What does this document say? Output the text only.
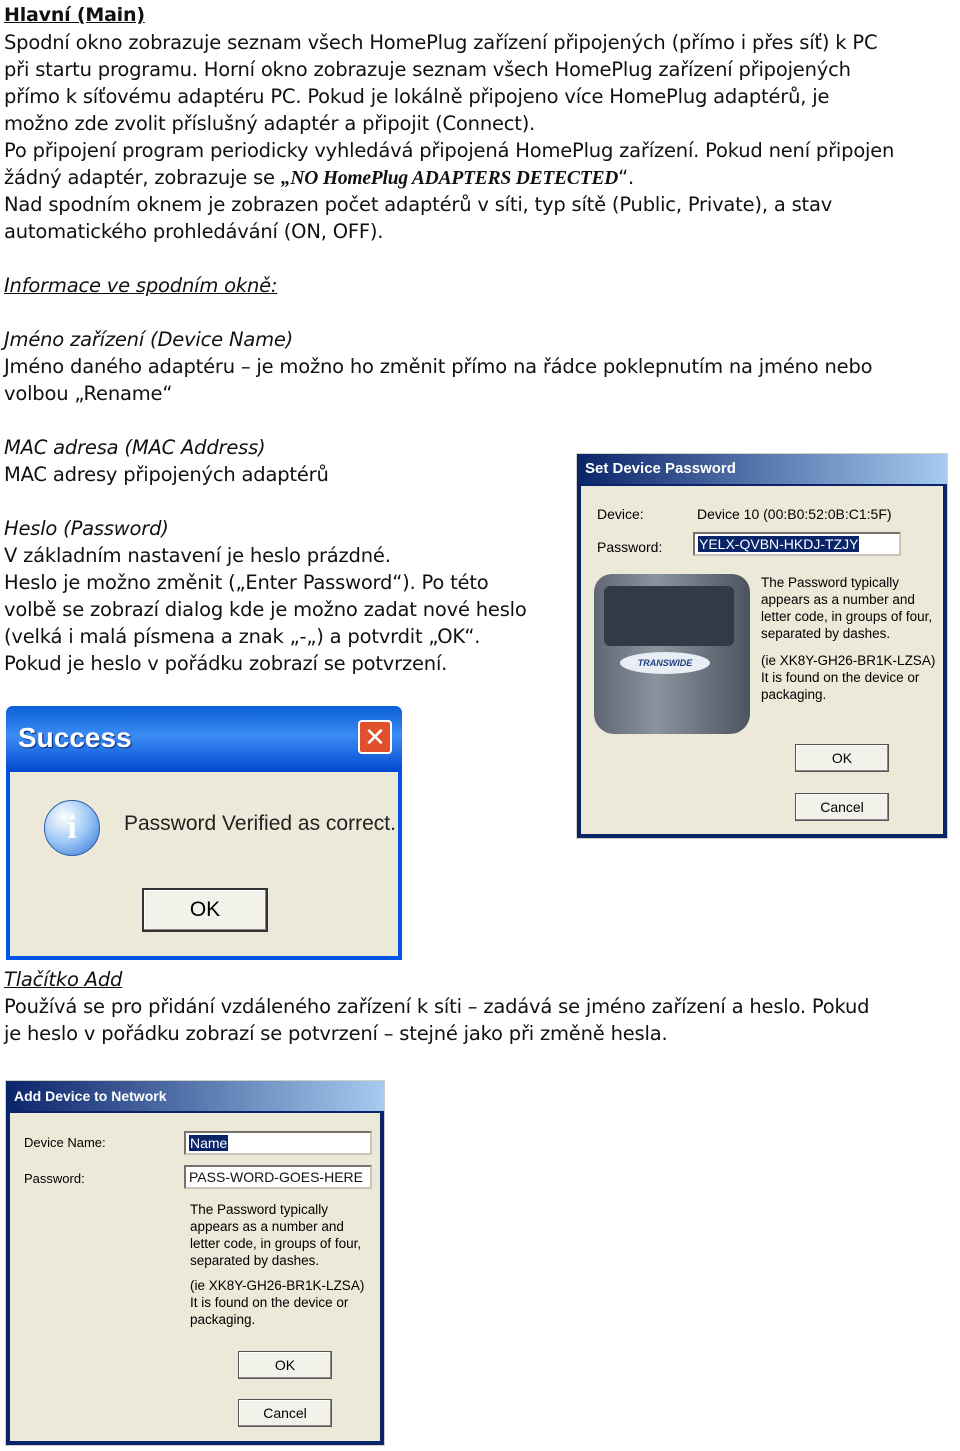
Hlavní (Main)
Spodní okno zobrazuje seznam všech HomePlug zařízení připojených (přímo i přes síť) k PC
při startu programu. Horní okno zobrazuje seznam všech HomePlug zařízení připojených
přímo k síťovému adaptéru PC. Pokud je lokálně připojeno více HomePlug adaptérů, je
možno zde zvolit příslušný adaptér a připojit (Connect).
Po připojení program periodicky vyhledává připojená HomePlug zařízení. Pokud není připojen
žádný adaptér, zobrazuje se „NO HomePlug ADAPTERS DETECTED“.
Nad spodním oknem je zobrazen počet adaptérů v síti, typ sítě (Public, Private), a stav
automatického prohledávání (ON, OFF).
Informace ve spodním okně:
Jméno zařízení (Device Name)
Jméno daného adaptéru – je možno ho změnit přímo na řádce poklepnutím na jméno nebo
volbou „Rename“
MAC adresa (MAC Address)
MAC adresy připojených adaptérů
Heslo (Password)
V základním nastavení je heslo prázdné.
Heslo je možno změnit („Enter Password“). Po této
volbě se zobrazí dialog kde je možno zadat nové heslo
(velká i malá písmena a znak „-„) a potvrdit „OK“.
Pokud je heslo v pořádku zobrazí se potvrzení.
Set Device Password
Device:	Device 10 (00:B0:52:0B:C1:5F)
Password:	YELX-QVBN-HKDJ-TZJY
The Password typically
appears as a number and
letter code, in groups of four,
separated by dashes.
(ie XK8Y-GH26-BR1K-LZSA)
It is found on the device or
packaging.
OK
Cancel
TRANSWIDE
Success	✕
i	Password Verified as correct.
OK
Tlačítko Add
Používá se pro přidání vzdáleného zařízení k síti – zadává se jméno zařízení a heslo. Pokud
je heslo v pořádku zobrazí se potvrzení – stejné jako při změně hesla.
Add Device to Network
Device Name:	Name
Password:	PASS-WORD-GOES-HERE
The Password typically
appears as a number and
letter code, in groups of four,
separated by dashes.
(ie XK8Y-GH26-BR1K-LZSA)
It is found on the device or
packaging.
OK
Cancel
